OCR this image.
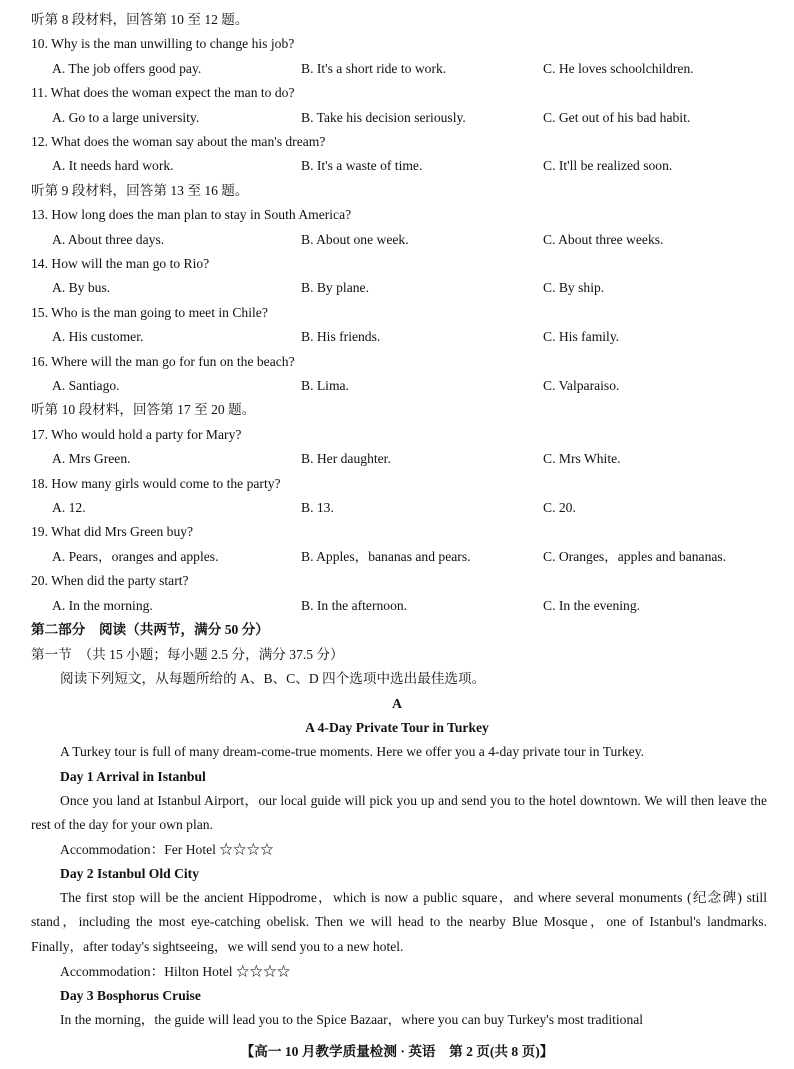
听第 8 段材料，回答第 10 至 12 题。
10. Why is the man unwilling to change his job?
A. The job offers good pay.	B. It's a short ride to work.	C. He loves schoolchildren.
11. What does the woman expect the man to do?
A. Go to a large university.	B. Take his decision seriously.	C. Get out of his bad habit.
12. What does the woman say about the man's dream?
A. It needs hard work.	B. It's a waste of time.	C. It'll be realized soon.
听第 9 段材料，回答第 13 至 16 题。
13. How long does the man plan to stay in South America?
A. About three days.	B. About one week.	C. About three weeks.
14. How will the man go to Rio?
A. By bus.	B. By plane.	C. By ship.
15. Who is the man going to meet in Chile?
A. His customer.	B. His friends.	C. His family.
16. Where will the man go for fun on the beach?
A. Santiago.	B. Lima.	C. Valparaiso.
听第 10 段材料，回答第 17 至 20 题。
17. Who would hold a party for Mary?
A. Mrs Green.	B. Her daughter.	C. Mrs White.
18. How many girls would come to the party?
A. 12.	B. 13.	C. 20.
19. What did Mrs Green buy?
A. Pears，oranges and apples.	B. Apples，bananas and pears.	C. Oranges，apples and bananas.
20. When did the party start?
A. In the morning.	B. In the afternoon.	C. In the evening.
第二部分　阅读（共两节，满分 50 分）
第一节　（共 15 小题；每小题 2.5 分，满分 37.5 分）
阅读下列短文，从每题所给的 A、B、C、D 四个选项中选出最佳选项。
A
A 4-Day Private Tour in Turkey
A Turkey tour is full of many dream-come-true moments. Here we offer you a 4-day private tour in Turkey.
Day 1 Arrival in Istanbul
Once you land at Istanbul Airport，our local guide will pick you up and send you to the hotel downtown. We will then leave the rest of the day for your own plan.
Accommodation：Fer Hotel ☆☆☆☆
Day 2 Istanbul Old City
The first stop will be the ancient Hippodrome，which is now a public square，and where several monuments (纪念碑) still stand，including the most eye-catching obelisk. Then we will head to the nearby Blue Mosque，one of Istanbul's landmarks. Finally，after today's sightseeing，we will send you to a new hotel.
Accommodation：Hilton Hotel ☆☆☆☆
Day 3 Bosphorus Cruise
In the morning，the guide will lead you to the Spice Bazaar，where you can buy Turkey's most traditional
【高一 10 月教学质量检测 · 英语　第 2 页(共 8 页)】
